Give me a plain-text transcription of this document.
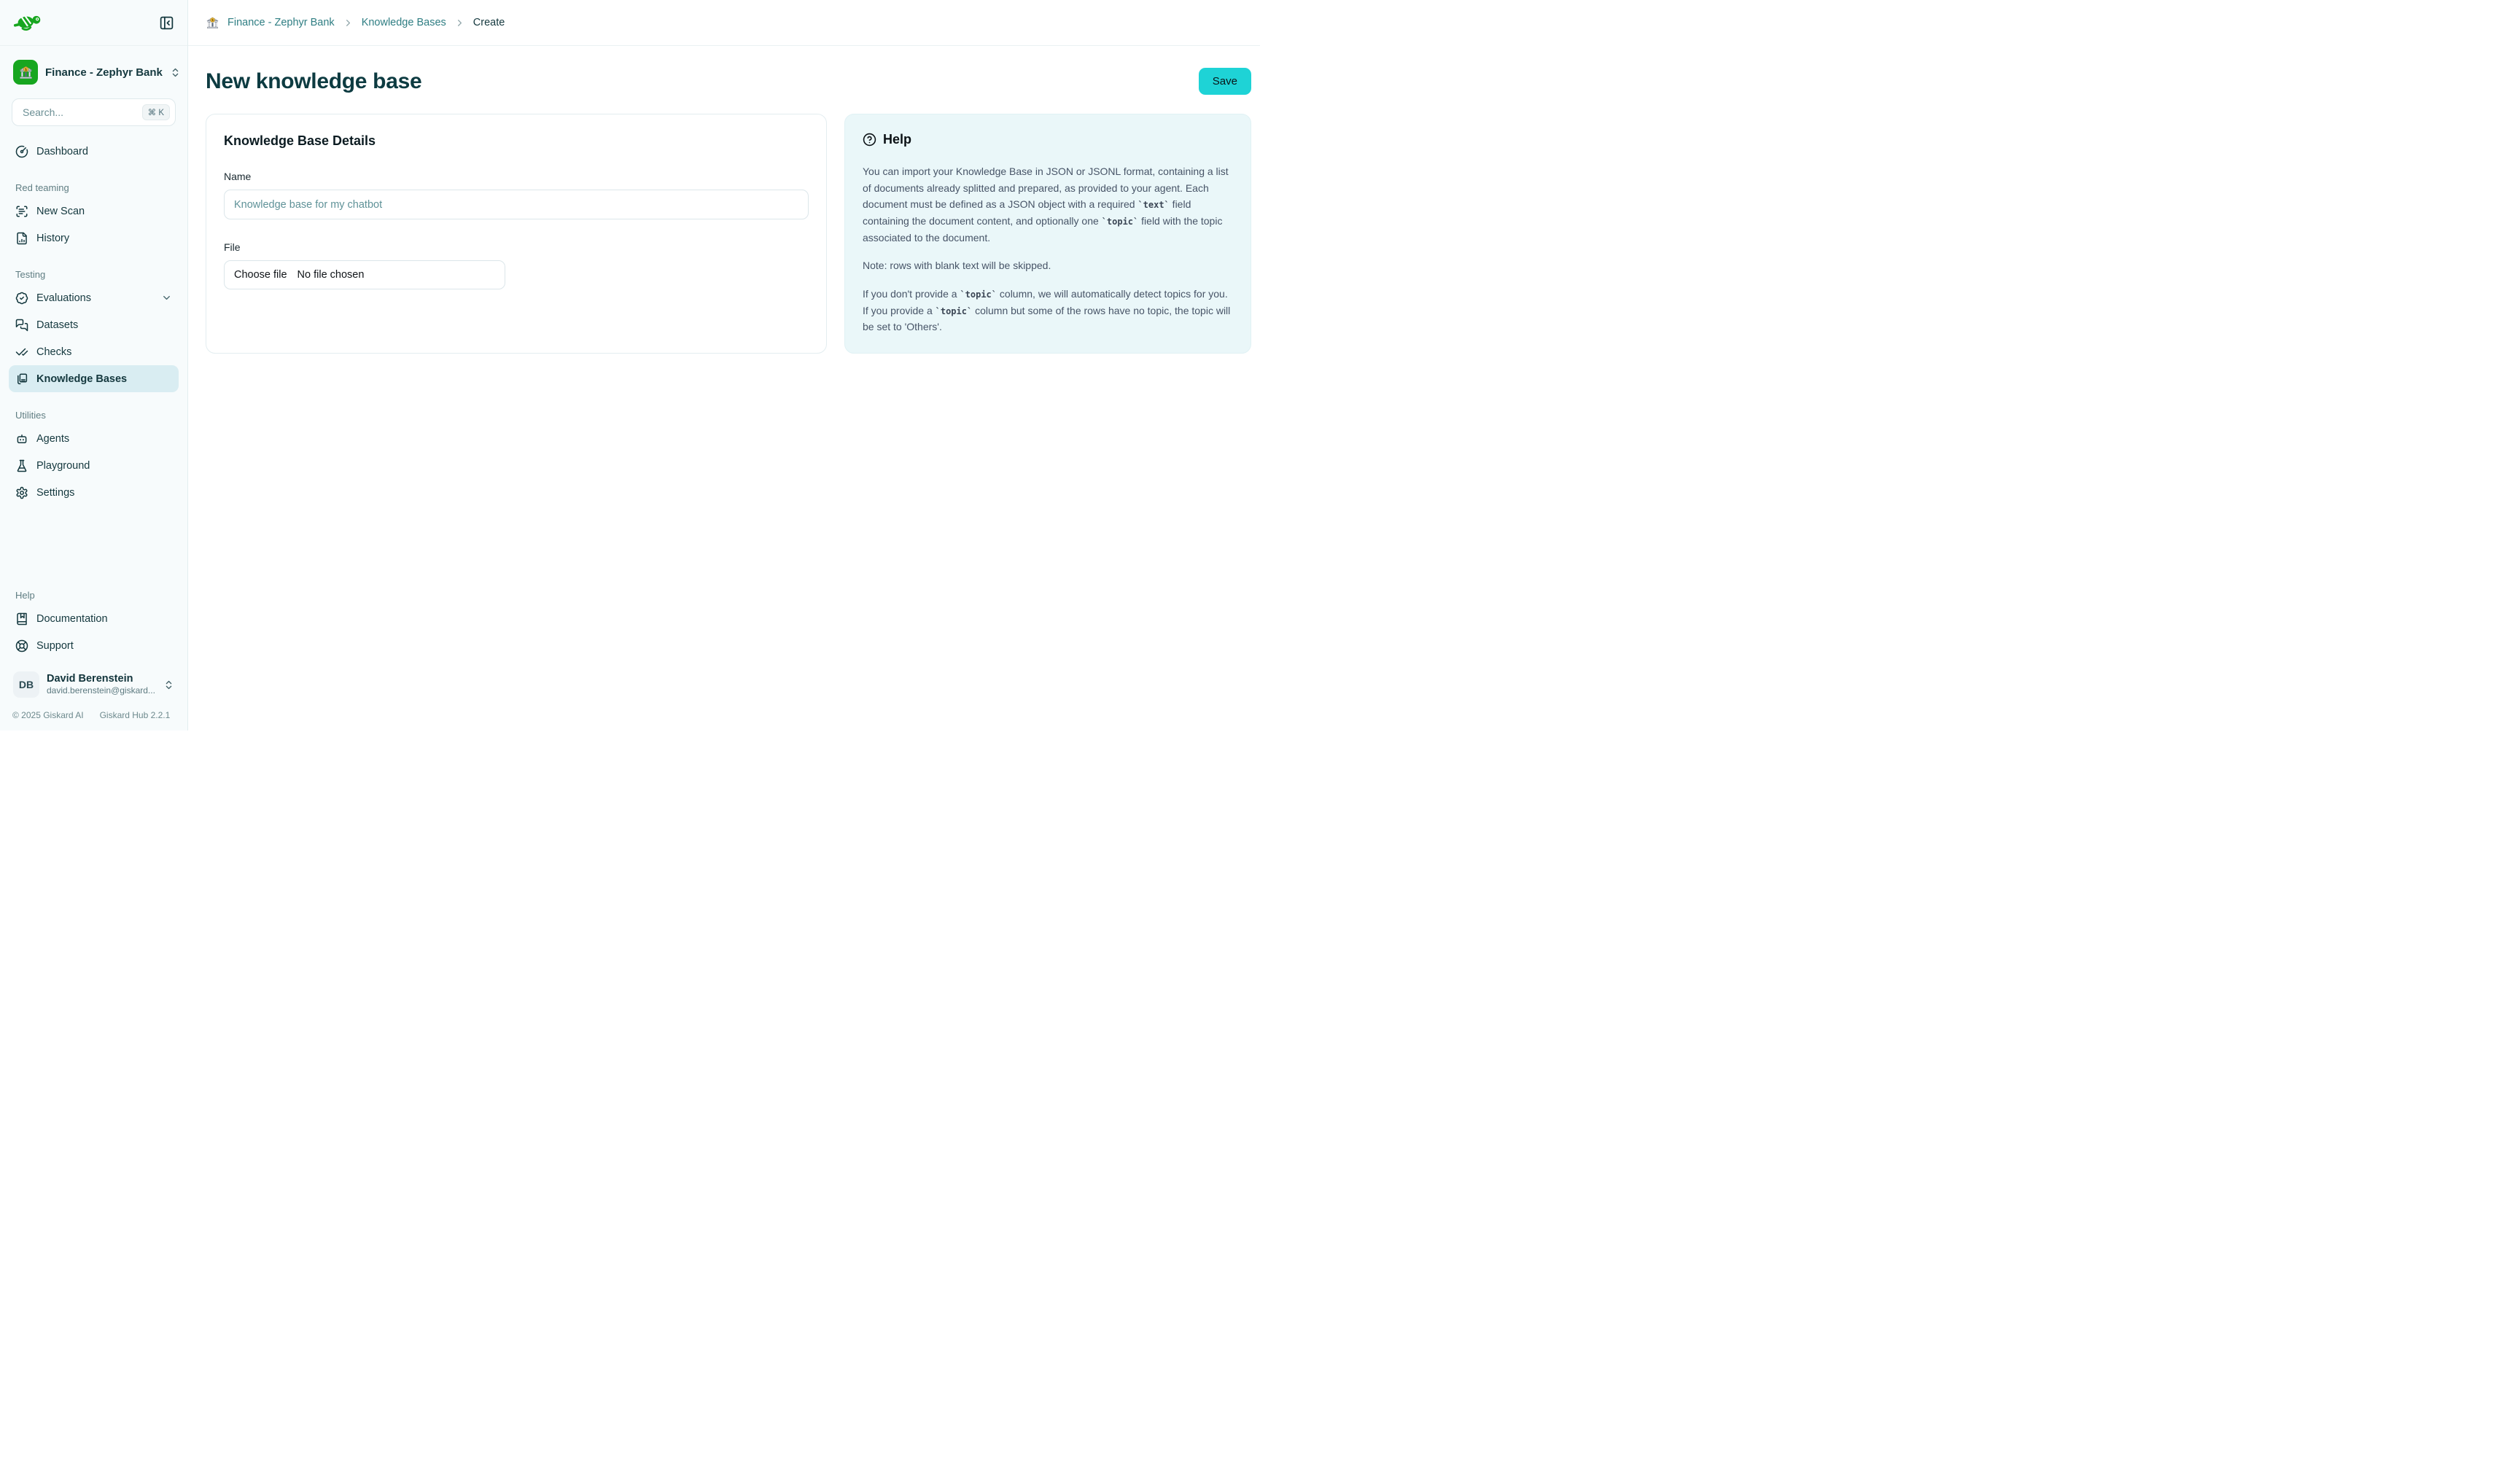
Finance - Zephyr Bank
Search...
⌘ K
Dashboard
Red teaming
New Scan
History
Testing
Evaluations
Datasets
Checks
Knowledge Bases
Utilities
Agents
Playground
Settings
Help
Documentation
Support
DB	David Berenstein
david.berenstein@giskard...
© 2025 Giskard AI Giskard Hub 2.2.1
Finance - Zephyr Bank	Knowledge Bases	Create
New knowledge base	Save
Knowledge Base Details
Name
Knowledge base for my chatbot
File
Choose file No file chosen
Help

You can import your Knowledge Base in JSON or JSONL format, containing a list of documents already splitted and prepared, as provided to your agent. Each document must be defined as a JSON object with a required `text` field containing the document content, and optionally one `topic` field with the topic associated to the document.

Note: rows with blank text will be skipped.

If you don't provide a `topic` column, we will automatically detect topics for you. If you provide a `topic` column but some of the rows have no topic, the topic will be set to 'Others'.
